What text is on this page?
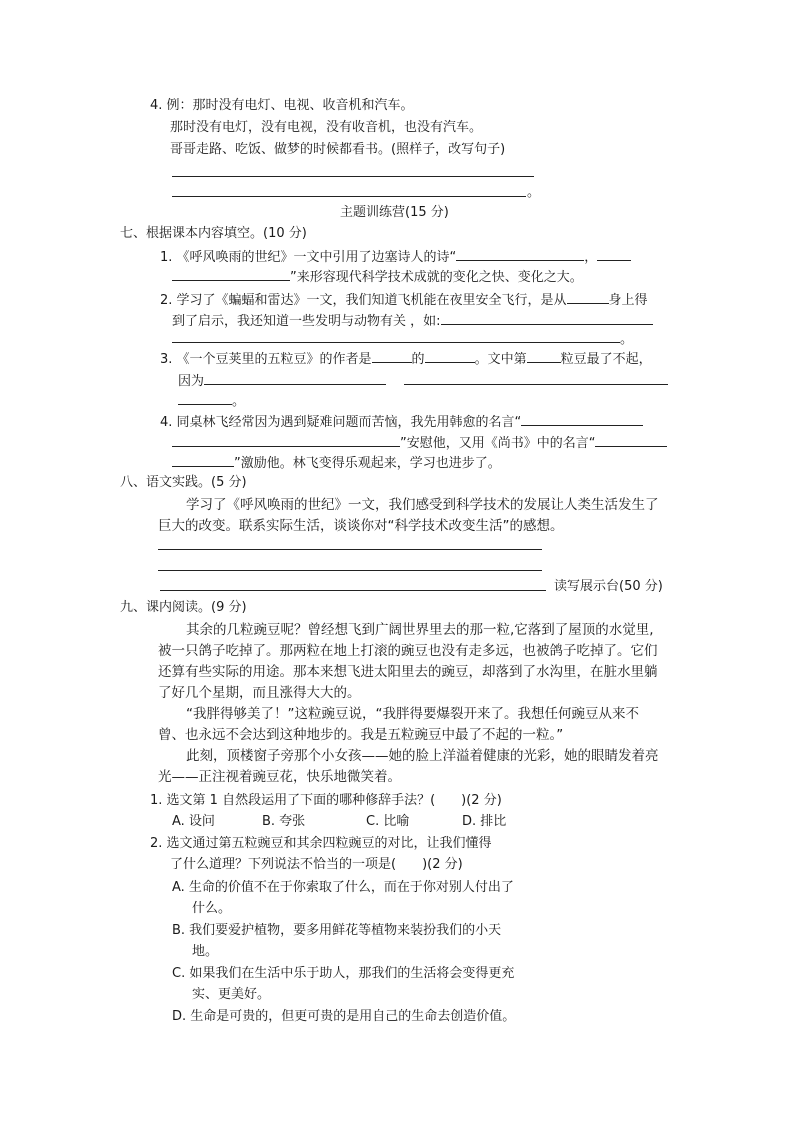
4. 例：那时没有电灯、电视、收音机和汽车。
那时没有电灯，没有电视，没有收音机，也没有汽车。
哥哥走路、吃饭、做梦的时候都看书。(照样子，改写句子)
。
主题训练营(15 分)
七、根据课本内容填空。(10 分)
1. 《呼风唤雨的世纪》一文中引用了边塞诗人的诗“	，
”来形容现代科学技术成就的变化之快、变化之大。
2. 学习了《蝙蝠和雷达》一文，我们知道飞机能在夜里安全飞行，是从	身上得
到了启示，我还知道一些发明与动物有关 ，如:
。
3. 《一个豆荚里的五粒豆》的作者是	的	。文中第	粒豆最了不起，
因为
。
4. 同桌林飞经常因为遇到疑难问题而苦恼，我先用韩愈的名言“
”安慰他，又用《尚书》中的名言“
”激励他。林飞变得乐观起来，学习也进步了。
八、语文实践。(5 分)
学习了《呼风唤雨的世纪》一文，我们感受到科学技术的发展让人类生活发生了
巨大的改变。联系实际生活，谈谈你对“科学技术改变生活”的感想。
读写展示台(50 分)
九、课内阅读。(9 分)
其余的几粒豌豆呢？曾经想飞到广阔世界里去的那一粒,它落到了屋顶的水觉里,
被一只鸽子吃掉了。那两粒在地上打滚的豌豆也没有走多远，也被鸽子吃掉了。它们
还算有些实际的用途。那本来想飞进太阳里去的豌豆，却落到了水沟里，在脏水里躺
了好几个星期，而且涨得大大的。
“我胖得够美了！”这粒豌豆说，“我胖得要爆裂开来了。我想任何豌豆从来不
曾、也永远不会达到这种地步的。我是五粒豌豆中最了不起的一粒。”
此刻，顶楼窗子旁那个小女孩——她的脸上洋溢着健康的光彩，她的眼睛发着亮
光——正注视着豌豆花，快乐地微笑着。
1. 选文第 1 自然段运用了下面的哪种修辞手法？(　　)(2 分)
A. 设问	B. 夸张	C. 比喻	D. 排比
2. 选文通过第五粒豌豆和其余四粒豌豆的对比，让我们懂得
了什么道理？下列说法不恰当的一项是(　　)(2 分)
A. 生命的价值不在于你索取了什么，而在于你对别人付出了
什么。
B. 我们要爱护植物，要多用鲜花等植物来装扮我们的小天
地。
C. 如果我们在生活中乐于助人，那我们的生活将会变得更充
实、更美好。
D. 生命是可贵的，但更可贵的是用自己的生命去创造价值。
